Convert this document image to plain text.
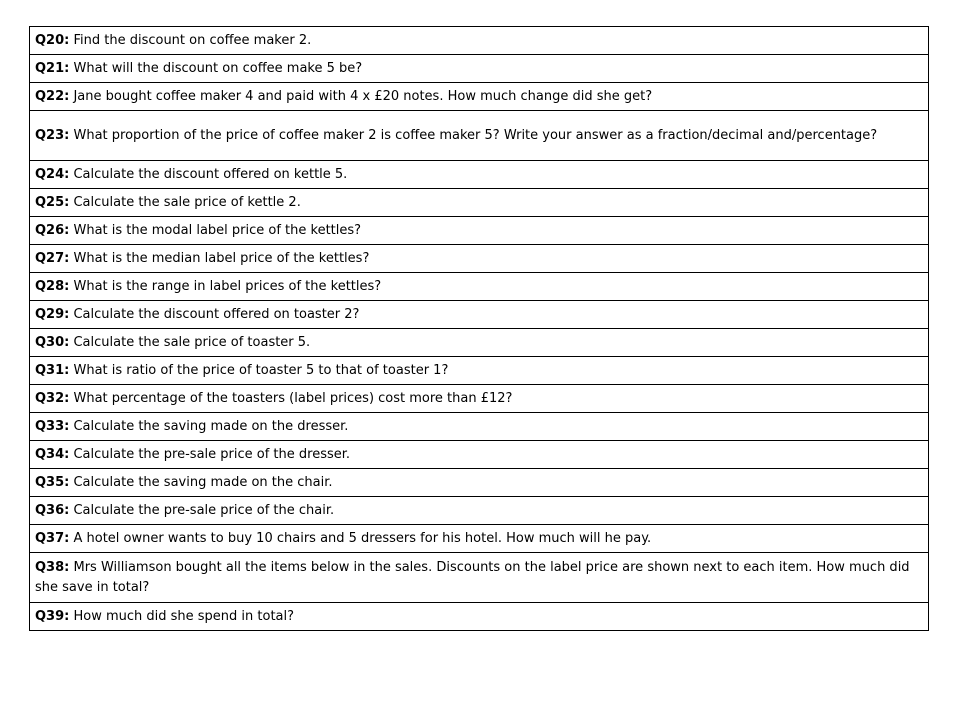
Q20: Find the discount on coffee maker 2.
Q21: What will the discount on coffee make 5 be?
Q22: Jane bought coffee maker 4 and paid with 4 x £20 notes. How much change did she get?
Q23: What proportion of the price of coffee maker 2 is coffee maker 5? Write your answer as a fraction/decimal and/percentage?
Q24: Calculate the discount offered on kettle 5.
Q25: Calculate the sale price of kettle 2.
Q26: What is the modal label price of the kettles?
Q27: What is the median label price of the kettles?
Q28: What is the range in label prices of the kettles?
Q29: Calculate the discount offered on toaster 2?
Q30: Calculate the sale price of toaster 5.
Q31: What is ratio of the price of toaster 5 to that of toaster 1?
Q32: What percentage of the toasters (label prices) cost more than £12?
Q33: Calculate the saving made on the dresser.
Q34: Calculate the pre-sale price of the dresser.
Q35: Calculate the saving made on the chair.
Q36: Calculate the pre-sale price of the chair.
Q37: A hotel owner wants to buy 10 chairs and 5 dressers for his hotel. How much will he pay.
Q38: Mrs Williamson bought all the items below in the sales. Discounts on the label price are shown next to each item. How much did she save in total?
Q39: How much did she spend in total?
